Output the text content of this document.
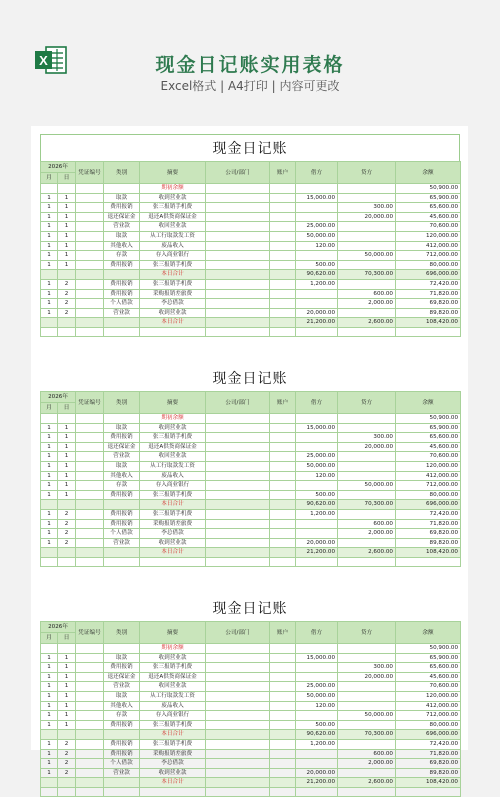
X	现金日记账实用表格
Excel格式 | A4打印 | 内容可更改
现金日记账
2026年		凭证编号	类别	摘要	公司/部门	账户	借方	贷方	余额
月	日								
				期初余额					50,900.00
1	1		取款	收到营业款			15,000.00		65,900.00
1	1		费用报销	张三报销手机费				300.00	65,600.00
1	1		退还保证金	退还A供货商保证金				20,000.00	45,600.00
1	1		营业款	收回营业款			25,000.00		70,600.00
1	1		取款	从工行取款发工资			50,000.00		120,000.00
1	1		其他收入	废品收入			120.00		412,000.00
1	1		存款	存入商业银行				50,000.00	712,000.00
1	1		费用报销	张三报销手机费			500.00		80,000.00
				本日合计			90,620.00	70,300.00	696,000.00
1	2		费用报销	张三报销手机费			1,200.00		72,420.00
1	2		费用报销	采购报销差旅费				600.00	71,820.00
1	2		个人借款	李总借款				2,000.00	69,820.00
1	2		营业款	收到营业款			20,000.00		89,820.00
				本日合计			21,200.00	2,600.00	108,420.00

现金日记账
2026年		凭证编号	类别	摘要	公司/部门	账户	借方	贷方	余额
月	日								
				期初余额					50,900.00
1	1		取款	收到营业款			15,000.00		65,900.00
1	1		费用报销	张三报销手机费				300.00	65,600.00
1	1		退还保证金	退还A供货商保证金				20,000.00	45,600.00
1	1		营业款	收回营业款			25,000.00		70,600.00
1	1		取款	从工行取款发工资			50,000.00		120,000.00
1	1		其他收入	废品收入			120.00		412,000.00
1	1		存款	存入商业银行				50,000.00	712,000.00
1	1		费用报销	张三报销手机费			500.00		80,000.00
				本日合计			90,620.00	70,300.00	696,000.00
1	2		费用报销	张三报销手机费			1,200.00		72,420.00
1	2		费用报销	采购报销差旅费				600.00	71,820.00
1	2		个人借款	李总借款				2,000.00	69,820.00
1	2		营业款	收到营业款			20,000.00		89,820.00
				本日合计			21,200.00	2,600.00	108,420.00

现金日记账
2026年		凭证编号	类别	摘要	公司/部门	账户	借方	贷方	余额
月	日								
				期初余额					50,900.00
1	1		取款	收到营业款			15,000.00		65,900.00
1	1		费用报销	张三报销手机费				300.00	65,600.00
1	1		退还保证金	退还A供货商保证金				20,000.00	45,600.00
1	1		营业款	收回营业款			25,000.00		70,600.00
1	1		取款	从工行取款发工资			50,000.00		120,000.00
1	1		其他收入	废品收入			120.00		412,000.00
1	1		存款	存入商业银行				50,000.00	712,000.00
1	1		费用报销	张三报销手机费			500.00		80,000.00
				本日合计			90,620.00	70,300.00	696,000.00
1	2		费用报销	张三报销手机费			1,200.00		72,420.00
1	2		费用报销	采购报销差旅费				600.00	71,820.00
1	2		个人借款	李总借款				2,000.00	69,820.00
1	2		营业款	收到营业款			20,000.00		89,820.00
				本日合计			21,200.00	2,600.00	108,420.00
